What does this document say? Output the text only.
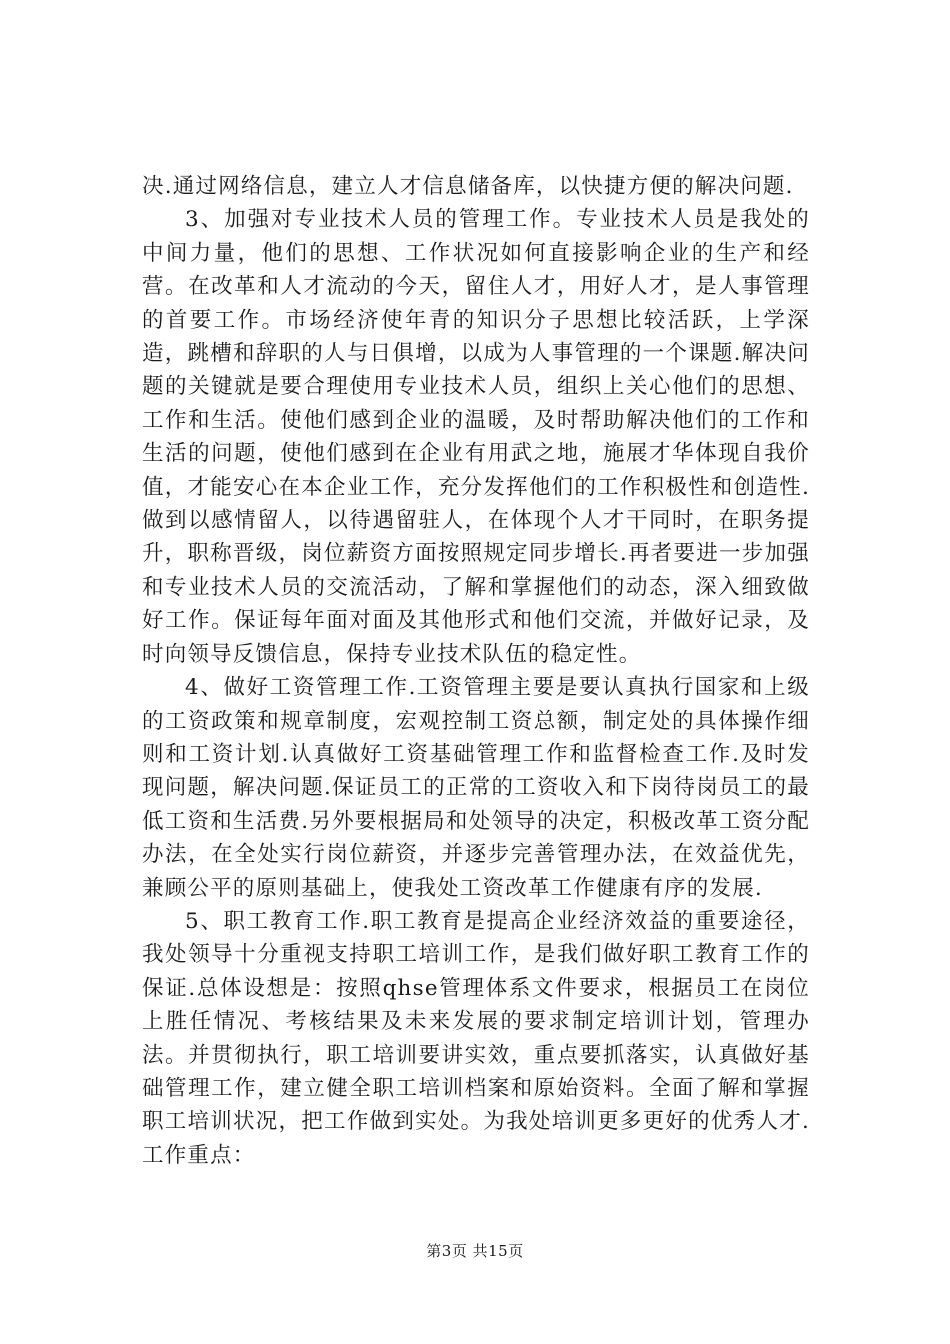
决.通过网络信息，建立人才信息储备库，以快捷方便的解决问题.

3、加强对专业技术人员的管理工作。专业技术人员是我处的中间力量，他们的思想、工作状况如何直接影响企业的生产和经营。在改革和人才流动的今天，留住人才，用好人才，是人事管理的首要工作。市场经济使年青的知识分子思想比较活跃，上学深造，跳槽和辞职的人与日俱增，以成为人事管理的一个课题.解决问题的关键就是要合理使用专业技术人员，组织上关心他们的思想、工作和生活。使他们感到企业的温暖，及时帮助解决他们的工作和生活的问题，使他们感到在企业有用武之地，施展才华体现自我价值，才能安心在本企业工作，充分发挥他们的工作积极性和创造性.做到以感情留人，以待遇留驻人，在体现个人才干同时，在职务提升，职称晋级，岗位薪资方面按照规定同步增长.再者要进一步加强和专业技术人员的交流活动，了解和掌握他们的动态，深入细致做好工作。保证每年面对面及其他形式和他们交流，并做好记录，及时向领导反馈信息，保持专业技术队伍的稳定性。

4、做好工资管理工作.工资管理主要是要认真执行国家和上级的工资政策和规章制度，宏观控制工资总额，制定处的具体操作细则和工资计划.认真做好工资基础管理工作和监督检查工作.及时发现问题，解决问题.保证员工的正常的工资收入和下岗待岗员工的最低工资和生活费.另外要根据局和处领导的决定，积极改革工资分配办法，在全处实行岗位薪资，并逐步完善管理办法，在效益优先，兼顾公平的原则基础上，使我处工资改革工作健康有序的发展.

5、职工教育工作.职工教育是提高企业经济效益的重要途径，我处领导十分重视支持职工培训工作，是我们做好职工教育工作的保证.总体设想是：按照qhse管理体系文件要求，根据员工在岗位上胜任情况、考核结果及未来发展的要求制定培训计划，管理办法。并贯彻执行，职工培训要讲实效，重点要抓落实，认真做好基础管理工作，建立健全职工培训档案和原始资料。全面了解和掌握职工培训状况，把工作做到实处。为我处培训更多更好的优秀人才.工作重点：

第3页 共15页
